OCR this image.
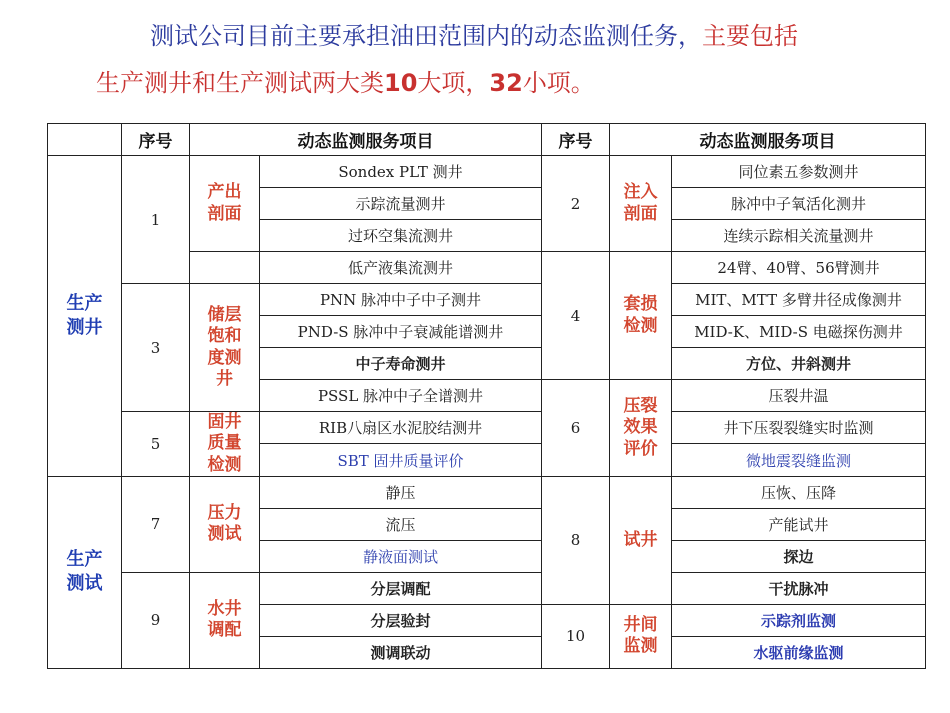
测试公司目前主要承担油田范围内的动态监测任务，主要包括
生产测井和生产测试两大类10大项，32小项。
	序号	动态监测服务项目		序号	动态监测服务项目	
生产测井	1	产出剖面	Sondex PLT 测井	2	注入剖面	同位素五参数测井
			示踪流量测井			脉冲中子氧活化测井
			过环空集流测井			连续示踪相关流量测井
			低产液集流测井	4	套损检测	24臂、40臂、56臂测井
	3	储层饱和度测井	PNN 脉冲中子中子测井			MIT、MTT 多臂井径成像测井
			PND-S 脉冲中子衰减能谱测井			MID-K、MID-S 电磁探伤测井
			中子寿命测井			方位、井斜测井
			PSSL 脉冲中子全谱测井	6	压裂效果评价	压裂井温
	5	固井质量检测	RIB八扇区水泥胶结测井			井下压裂裂缝实时监测
			SBT 固井质量评价			微地震裂缝监测
生产测试	7	压力测试	静压	8	试井	压恢、压降
			流压			产能试井
			静液面测试			探边
	9	水井调配	分层调配			干扰脉冲
			分层验封	10	井间监测	示踪剂监测
			测调联动			水驱前缘监测
